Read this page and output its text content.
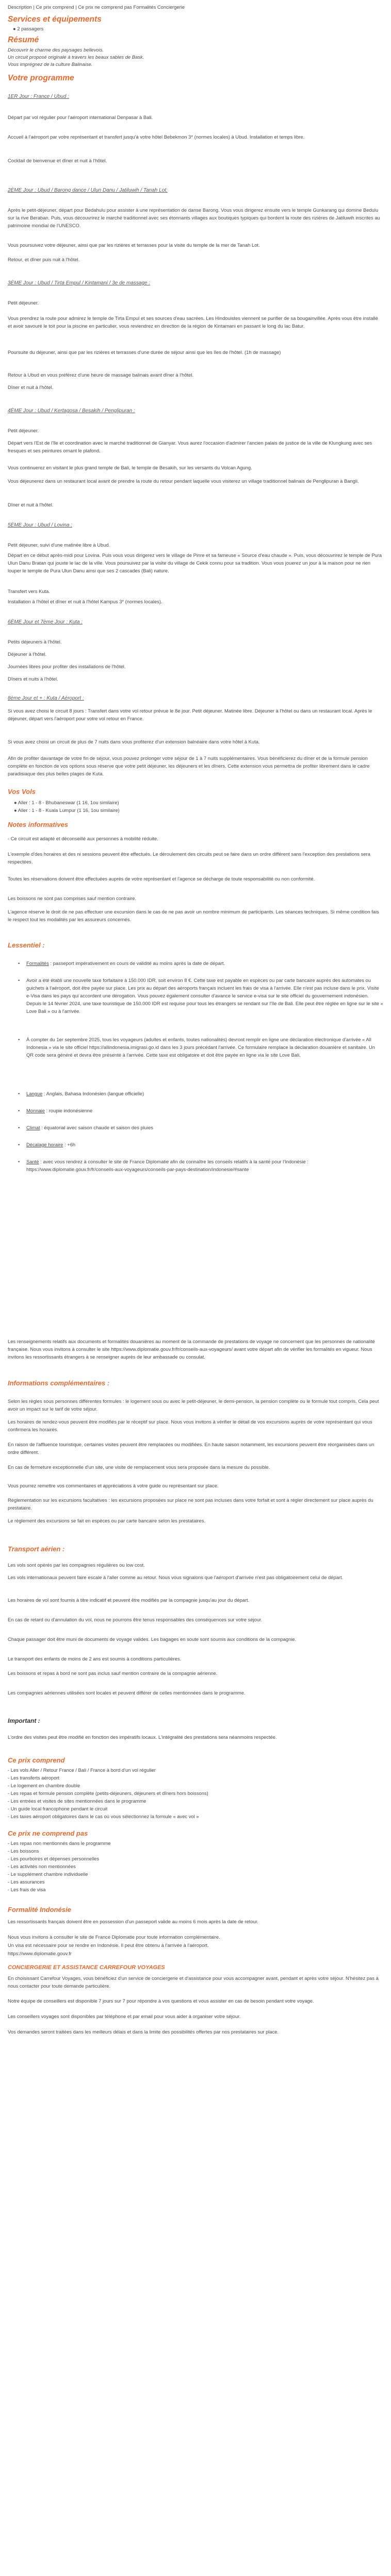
Description | Ce prix comprend | Ce prix ne comprend pas Formalités Conciergerie

Services et équipements
● 2 passagers
Résumé
Découvrir le charme des paysages bellevois.
Un circuit proposé originale à travers les beaux sables de Bask.
Vous imprégnez de la culture Balinaise.
Votre programme
1ER Jour : France / Ubud :

Départ par vol régulier pour l'aéroport international Denpasar à Bali.

Accueil à l'aéroport par votre représentant et transfert jusqu'à votre hôtel Bebekmon 3* (normes locales) à Ubud. Installation et temps libre.

Cocktail de bienvenue et dîner et nuit à l'hôtel.

2ÈME Jour : Ubud / Barong dance / Ulun Danu / Jatiluwih / Tanah Lot:

Après le petit-déjeuner, départ pour Bedahulu pour assister à une représentation de danse Barong. Vous vous dirigerez ensuite vers le temple Gunkarang qui domine Bedulu sur la rive Beraban. Puis, vous découvrirez le marché traditionnel avec ses étonnants villages aux boutiques typiques qui bordent la route des rizières de Jatiluwih inscrites au patrimoine mondial de l'UNESCO.

Vous poursuivez votre déjeuner, ainsi que par les rizières et terrasses pour la visite du temple de la mer de Tanah Lot.

Retour, et dîner puis nuit à l'hôtel.

3ÈME Jour : Ubud / Tirta Empul / Kintamani / 3e de massage :

Petit déjeuner.

Vous prendrez la route pour admirez le temple de Tirta Empul et ses sources d'eau sacrées. Les Hindouistes viennent se purifier de sa bougainvillée. Après vous être installé et avoir savouré le toit pour la piscine en particulier, vous reviendrez en direction de la région de Kintamani en passant le long du lac Batur.

Poursuite du déjeuner, ainsi que par les rizières et terrasses d'une durée de séjour ainsi que les îles de l'hôtel. (1h de massage)

Retour à Ubud en vous préférez d'une heure de massage balinais avant dîner à l'hôtel.

Dîner et nuit à l'hôtel.

4ÈME Jour : Ubud / Kertagosa / Besakih / Penglipuran :

Petit déjeuner.

Départ vers l'Est de l'île et coordination avec le marché traditionnel de Gianyar. Vous aurez l'occasion d'admirer l'ancien palais de justice de la ville de Klungkung avec ses fresques et ses peintures ornant le plafond.

Vous continuerez en visitant le plus grand temple de Bali, le temple de Besakih, sur les versants du Volcan Agung.

Vous déjeunerez dans un restaurant local avant de prendre la route du retour pendant laquelle vous visiterez un village traditionnel balinais de Penglipuran à Bangli.

Dîner et nuit à l'hôtel.

5ÈME Jour : Ubud / Lovina :

Petit déjeuner, suivi d'une matinée libre à Ubud.

Départ en ce début après-midi pour Lovina. Puis vous vous dirigerez vers le village de Pinre et sa fameuse « Source d'eau chaude ». Puis, vous découvrirez le temple de Pura Ulun Danu Bratan qui jouxte le lac de la ville. Vous poursuivez par la visite du village de Cekik connu pour sa tradition. Vous vous jouerez un jour à la maison pour ne rien louper le temple de Pura Ulun Danu ainsi que ses 2 cascades (Bali) nature.

Transfert vers Kuta.

Installation à l'hôtel et dîner et nuit à l'hôtel Kampus 3* (normes locales).

6ÈME Jour et 7ème Jour : Kuta :

Petits déjeuners à l'hôtel.

Déjeuner à l'hôtel.

Journées libres pour profiter des installations de l'hôtel.

Dîners et nuits à l'hôtel.

8ème Jour et + : Kuta / Aéroport :

Si vous avez choisi le circuit 8 jours : Transfert dans votre vol retour prévue le 8e jour. Petit déjeuner. Matinée libre. Déjeuner à l'hôtel ou dans un restaurant local. Après le déjeuner, départ vers l'aéroport pour votre vol retour en France.

Si vous avez choisi un circuit de plus de 7 nuits dans vous profiterez d'un extension balnéaire dans votre hôtel à Kuta.

Afin de profiter davantage de votre fin de séjour, vous pouvez prolonger votre séjour de 1 à 7 nuits supplémentaires. Vous bénéficierez du dîner et de la formule pension complète en fonction de vos options sous réserve que votre petit déjeuner, les déjeuners et les dîners. Cette extension vous permettra de profiter librement dans le cadre paradisiaque des plus belles plages de Kuta.

Vos Vols
● Aller : 1 - 8 - Bhubaneswar (1 16, 1ou similaire)
● Aller : 1 - 8 - Kuala Lumpur (1 16, 1ou similaire)
Notes informatives

- Ce circuit est adapté et déconseillé aux personnes à mobilité réduite.

L'exemple d'des horaires et des ni sessions peuvent être effectués. Le déroulement des circuits peut se faire dans un ordre différent sans l'exception des prestations sera respectées.

Toutes les réservations doivent être effectuées auprès de votre représentant et l'agence se décharge de toute responsabilité ou non conformité.

Les boissons ne sont pas comprises sauf mention contraire.

L'agence réserve le droit de ne pas effectuer une excursion dans le cas de ne pas avoir un nombre minimum de participants. Les séances techniques. Si même condition fais le respect tout les modalités par les assureurs concernés.

Lessentiel :
• Formalités : passeport impérativement en cours de validité au moins après la date de départ.
• Avoir a été établi une nouvelle taxe forfaitaire à 150.000 IDR, soit environ 8 €. Cette taxe est payable en espèces ou par carte bancaire auprès des automates ou guichets à l'aéroport, doit être payée sur place. Les prix au départ des aéroports français incluent les frais de visa à l'arrivée. Elle n'est pas incluse dans le prix. Visite e-Visa dans les pays qui accordent une dérogation. Vous pouvez également consulter d'avance le service e-visa sur le site officiel du gouvernement indonésien. Depuis le 14 février 2024, une taxe touristique de 150.000 IDR est requise pour tous les étrangers se rendant sur l'île de Bali. Elle peut être réglée en ligne sur le site « Love Bali » ou à l'arrivée.
• À compter du 1er septembre 2025, tous les voyageurs (adultes et enfants, toutes nationalités) devront remplir en ligne une déclaration électronique d'arrivée « All Indonesia » via le site officiel https://allindonesia.imigrasi.go.id dans les 3 jours précédant l'arrivée. Ce formulaire remplace la déclaration douanière et sanitaire. Un QR code sera généré et devra être présenté à l'arrivée. Cette taxe est obligatoire et doit être payée en ligne via le site Love Bali.
• Langue : Anglais, Bahasa Indonésien (langue officielle)
• Monnaie : roupie indonésienne
• Climat : équatorial avec saison chaude et saison des pluies
• Décalage horaire : +6h
• Santé : avec vous rendrez à consulter le site de France Diplomatie afin de connaître les conseils relatifs à la santé pour l'Indonésie : https://www.diplomatie.gouv.fr/fr/conseils-aux-voyageurs/conseils-par-pays-destination/indonesie/#sante

Les renseignements relatifs aux documents et formalités douanières au moment de la commande de prestations de voyage ne concernent que les personnes de nationalité française. Nous vous invitons à consulter le site https://www.diplomatie.gouv.fr/fr/conseils-aux-voyageurs/ avant votre départ afin de vérifier les formalités en vigueur. Nous invitons les ressortissants étrangers à se renseigner auprès de leur ambassade ou consulat.

Informations complémentaires :

Selon les règles sous personnes différentes formules : le logement sous ou avec le petit-déjeuner, le demi-pension, la pension complète ou le formule tout compris. Cela peut avoir un impact sur le tarif de votre séjour.

Les horaires de rendez-vous peuvent être modifiés par le réceptif sur place. Nous vous invitons à vérifier le détail de vos excursions auprès de votre représentant qui vous confirmera les horaires.

En raison de l'affluence touristique, certaines visites peuvent être remplacées ou modifiées. En haute saison notamment, les excursions peuvent être réorganisées dans un ordre différent.

En cas de fermeture exceptionnelle d'un site, une visite de remplacement vous sera proposée dans la mesure du possible.

Vous pourrez remettre vos commentaires et appréciations à votre guide ou représentant sur place.

Réglementation sur les excursions facultatives : les excursions proposées sur place ne sont pas incluses dans votre forfait et sont à régler directement sur place auprès du prestataire.

Le règlement des excursions se fait en espèces ou par carte bancaire selon les prestataires.

Transport aérien :

Les vols sont opérés par les compagnies régulières ou low cost.

Les vols internationaux peuvent faire escale à l'aller comme au retour. Nous vous signalons que l'aéroport d'arrivée n'est pas obligatoirement celui de départ.

Les horaires de vol sont fournis à titre indicatif et peuvent être modifiés par la compagnie jusqu'au jour du départ.

En cas de retard ou d'annulation du vol, nous ne pourrons être tenus responsables des conséquences sur votre séjour.

Chaque passager doit être muni de documents de voyage valides. Les bagages en soute sont soumis aux conditions de la compagnie.

Le transport des enfants de moins de 2 ans est soumis à conditions particulières.

Les boissons et repas à bord ne sont pas inclus sauf mention contraire de la compagnie aérienne.

Les compagnies aériennes utilisées sont locales et peuvent différer de celles mentionnées dans le programme.

Important :

L'ordre des visites peut être modifié en fonction des impératifs locaux. L'intégralité des prestations sera néanmoins respectée.

Ce prix comprend
- Les vols Aller / Retour France / Bali / France à bord d'un vol régulier
- Les transferts aéroport
- Le logement en chambre double
- Les repas et formule pension complète (petits-déjeuners, déjeuners et dîners hors boissons)
- Les entrées et visites de sites mentionnées dans le programme
- Un guide local francophone pendant le circuit
- Les taxes aéroport obligatoires dans le cas où vous sélectionnez la formule « avec vol »
Ce prix ne comprend pas
- Les repas non mentionnés dans le programme
- Les boissons
- Les pourboires et dépenses personnelles
- Les activités non mentionnées
- Le supplément chambre individuelle
- Les assurances
- Les frais de visa
Formalité Indonésie

Les ressortissants français doivent être en possession d'un passeport valide au moins 6 mois après la date de retour.

Nous vous invitons à consulter le site de France Diplomatie pour toute information complémentaire.

Un visa est nécessaire pour se rendre en Indonésie. Il peut être obtenu à l'arrivée à l'aéroport.

https://www.diplomatie.gouv.fr

CONCIERGERIE ET ASSISTANCE CARREFOUR VOYAGES

En choisissant Carrefour Voyages, vous bénéficiez d'un service de conciergerie et d'assistance pour vous accompagner avant, pendant et après votre séjour. N'hésitez pas à nous contacter pour toute demande particulière.

Notre équipe de conseillers est disponible 7 jours sur 7 pour répondre à vos questions et vous assister en cas de besoin pendant votre voyage.

Les conseillers voyages sont disponibles par téléphone et par email pour vous aider à organiser votre séjour.

Vos demandes seront traitées dans les meilleurs délais et dans la limite des possibilités offertes par nos prestataires sur place.
